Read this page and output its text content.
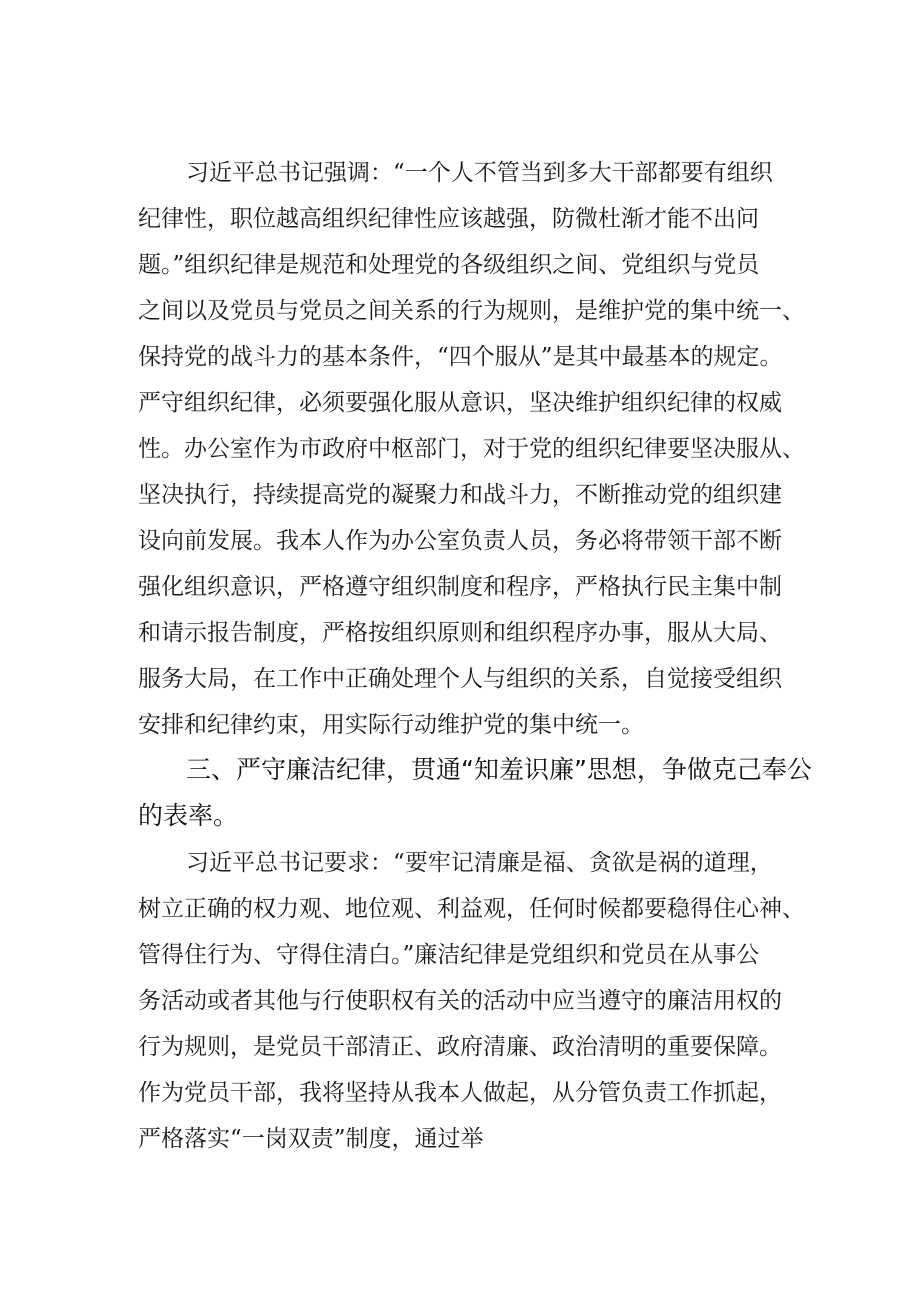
习近平总书记强调：“一个人不管当到多大干部都要有组织
纪律性，职位越高组织纪律性应该越强，防微杜渐才能不出问
题。”组织纪律是规范和处理党的各级组织之间、党组织与党员
之间以及党员与党员之间关系的行为规则，是维护党的集中统一、
保持党的战斗力的基本条件，“四个服从”是其中最基本的规定。
严守组织纪律，必须要强化服从意识，坚决维护组织纪律的权威
性。办公室作为市政府中枢部门，对于党的组织纪律要坚决服从、
坚决执行，持续提高党的凝聚力和战斗力，不断推动党的组织建
设向前发展。我本人作为办公室负责人员，务必将带领干部不断
强化组织意识，严格遵守组织制度和程序，严格执行民主集中制
和请示报告制度，严格按组织原则和组织程序办事，服从大局、
服务大局，在工作中正确处理个人与组织的关系，自觉接受组织
安排和纪律约束，用实际行动维护党的集中统一。
三、严守廉洁纪律，贯通“知羞识廉”思想，争做克己奉公
的表率。
习近平总书记要求：“要牢记清廉是福、贪欲是祸的道理，
树立正确的权力观、地位观、利益观，任何时候都要稳得住心神、
管得住行为、守得住清白。”廉洁纪律是党组织和党员在从事公
务活动或者其他与行使职权有关的活动中应当遵守的廉洁用权的
行为规则，是党员干部清正、政府清廉、政治清明的重要保障。
作为党员干部，我将坚持从我本人做起，从分管负责工作抓起，
严格落实“一岗双责”制度，通过举
